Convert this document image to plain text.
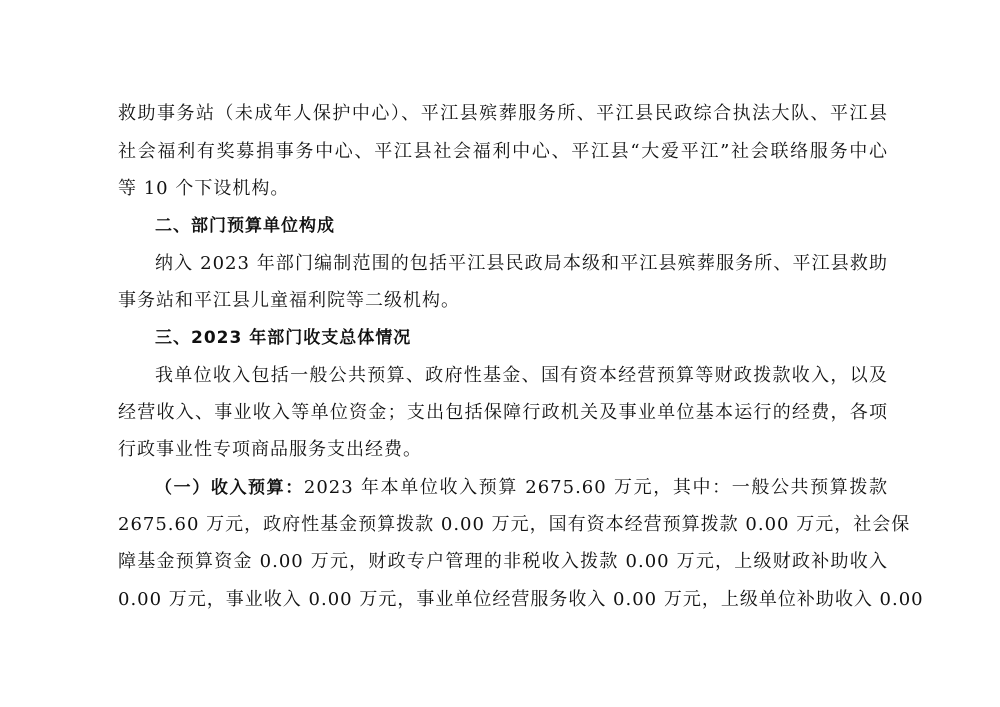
救助事务站（未成年人保护中心）、平江县殡葬服务所、平江县民政综合执法大队、平江县
社会福利有奖募捐事务中心、平江县社会福利中心、平江县“大爱平江”社会联络服务中心
等 10 个下设机构。
二、部门预算单位构成
纳入 2023 年部门编制范围的包括平江县民政局本级和平江县殡葬服务所、平江县救助
事务站和平江县儿童福利院等二级机构。
三、2023 年部门收支总体情况
我单位收入包括一般公共预算、政府性基金、国有资本经营预算等财政拨款收入，以及
经营收入、事业收入等单位资金；支出包括保障行政机关及事业单位基本运行的经费，各项
行政事业性专项商品服务支出经费。
（一）收入预算：2023 年本单位收入预算 2675.60 万元，其中：一般公共预算拨款
2675.60 万元，政府性基金预算拨款 0.00 万元，国有资本经营预算拨款 0.00 万元，社会保
障基金预算资金 0.00 万元，财政专户管理的非税收入拨款 0.00 万元，上级财政补助收入
0.00 万元，事业收入 0.00 万元，事业单位经营服务收入 0.00 万元，上级单位补助收入 0.00
